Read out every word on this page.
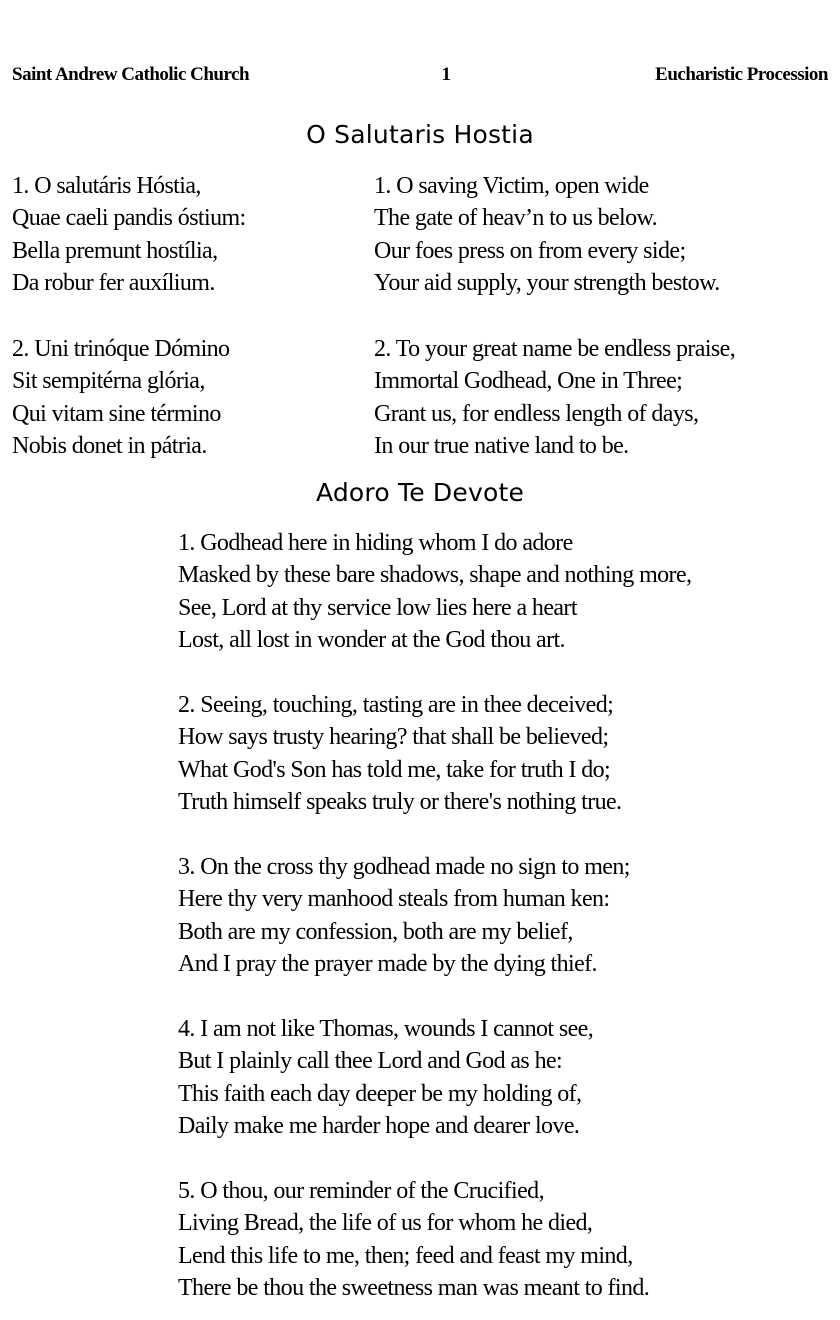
Saint Andrew Catholic Church	1	Eucharistic Procession
O Salutaris Hostia
1. O salutáris Hóstia,
Quae caeli pandis óstium:
Bella premunt hostília,
Da robur fer auxílium.
1. O saving Victim, open wide
The gate of heav’n to us below.
Our foes press on from every side;
Your aid supply, your strength bestow.
2. Uni trinóque Dómino
Sit sempitérna glória,
Qui vitam sine término
Nobis donet in pátria.
2. To your great name be endless praise,
Immortal Godhead, One in Three;
Grant us, for endless length of days,
In our true native land to be.
Adoro Te Devote
1. Godhead here in hiding whom I do adore
Masked by these bare shadows, shape and nothing more,
See, Lord at thy service low lies here a heart
Lost, all lost in wonder at the God thou art.
2. Seeing, touching, tasting are in thee deceived;
How says trusty hearing? that shall be believed;
What God's Son has told me, take for truth I do;
Truth himself speaks truly or there's nothing true.
3. On the cross thy godhead made no sign to men;
Here thy very manhood steals from human ken:
Both are my confession, both are my belief,
And I pray the prayer made by the dying thief.
4. I am not like Thomas, wounds I cannot see,
But I plainly call thee Lord and God as he:
This faith each day deeper be my holding of,
Daily make me harder hope and dearer love.
5. O thou, our reminder of the Crucified,
Living Bread, the life of us for whom he died,
Lend this life to me, then; feed and feast my mind,
There be thou the sweetness man was meant to find.
